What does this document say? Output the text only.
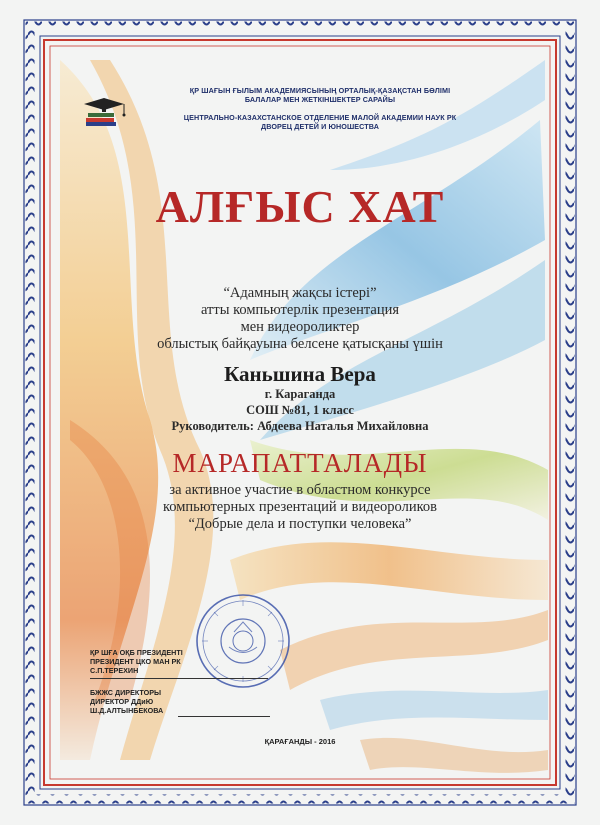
ҚР ШАҒЫН ҒЫЛЫМ АКАДЕМИЯСЫНЫҢ ОРТАЛЫҚ-ҚАЗАҚСТАН БӨЛІМІ
БАЛАЛАР МЕН ЖЕТКІНШЕКТЕР САРАЙЫ
ЦЕНТРАЛЬНО-КАЗАХСТАНСКОЕ ОТДЕЛЕНИЕ МАЛОЙ АКАДЕМИИ НАУК РК
ДВОРЕЦ ДЕТЕЙ И ЮНОШЕСТВА
АЛҒЫС ХАТ
“Адамның жақсы істері”
атты компьютерлік презентация
мен видеороликтер
облыстық байқауына белсене қатысқаны үшін
Каньшина Вера
г. Караганда
СОШ №81, 1 класс
Руководитель: Абдеева Наталья Михайловна
МАРАПАТТАЛАДЫ
за активное участие в областном конкурсе
компьютерных презентаций и видеороликов
“Добрые дела и поступки человека”
ҚР ШҒА ОҚБ ПРЕЗИДЕНТІ
ПРЕЗИДЕНТ ЦКО МАН РК
С.П.ТЕРЕХИН
БЖЖС ДИРЕКТОРЫ
ДИРЕКТОР ДДиЮ
Ш.Д.АЛТЫНБЕКОВА
ҚАРАҒАНДЫ - 2016
